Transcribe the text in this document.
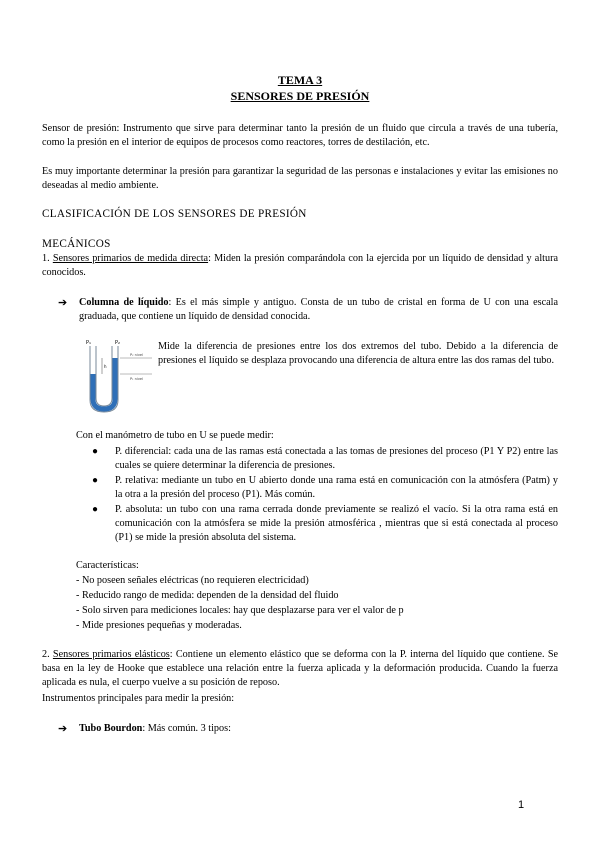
TEMA 3
SENSORES DE PRESIÓN
Sensor de presión: Instrumento que sirve para determinar tanto la presión de un fluido que circula a través de una tubería, como la presión en el interior de equipos de procesos como reactores, torres de destilación, etc.
Es muy importante determinar la presión para garantizar la seguridad de las personas e instalaciones y evitar las emisiones no deseadas al medio ambiente.
CLASIFICACIÓN DE LOS SENSORES DE PRESIÓN
MECÁNICOS
1. Sensores primarios de medida directa: Miden la presión comparándola con la ejercida por un líquido de densidad y altura conocidos.
➔ Columna de líquido: Es el más simple y antiguo. Consta de un tubo de cristal en forma de U con una escala graduada, que contiene un líquido de densidad conocida.
P₁	P₂
P₂ nivel
P₁ nivel
h
Mide la diferencia de presiones entre los dos extremos del tubo. Debido a la diferencia de presiones el líquido se desplaza provocando una diferencia de altura entre las dos ramas del tubo.
Con el manómetro de tubo en U se puede medir:
● P. diferencial: cada una de las ramas está conectada a las tomas de presiones del proceso (P1 Y P2) entre las cuales se quiere determinar la diferencia de presiones.
● P. relativa: mediante un tubo en U abierto donde una rama está en comunicación con la atmósfera (Patm) y la otra a la presión del proceso (P1). Más común.
● P. absoluta: un tubo con una rama cerrada donde previamente se realizó el vacío. Si la otra rama está en comunicación con la atmósfera se mide la presión atmosférica , mientras que si está conectada al proceso (P1) se mide la presión absoluta del sistema.
Características:
- No poseen señales eléctricas (no requieren electricidad)
- Reducido rango de medida: dependen de la densidad del fluido
- Solo sirven para mediciones locales: hay que desplazarse para ver el valor de p
- Mide presiones pequeñas y moderadas.
2. Sensores primarios elásticos: Contiene un elemento elástico que se deforma con la P. interna del líquido que contiene. Se basa en la ley de Hooke que establece una relación entre la fuerza aplicada y la deformación producida. Cuando la fuerza aplicada es nula, el cuerpo vuelve a su posición de reposo.
Instrumentos principales para medir la presión:
➔ Tubo Bourdon: Más común. 3 tipos:
1
